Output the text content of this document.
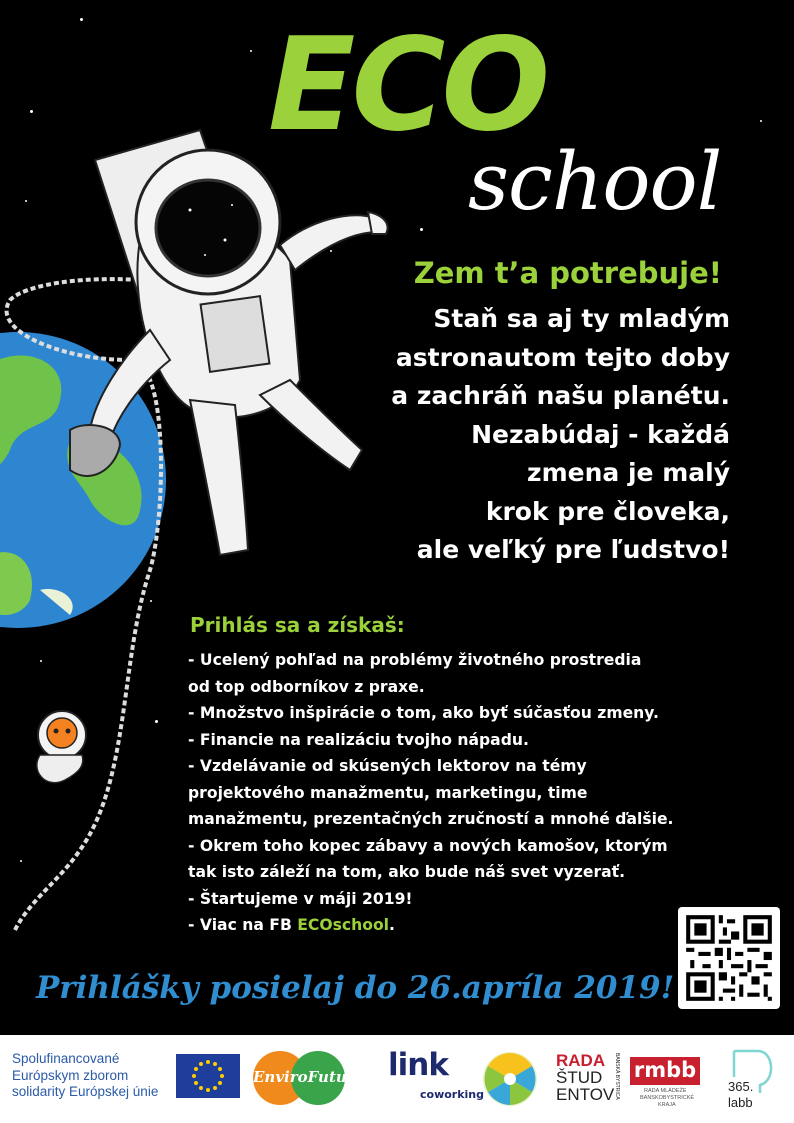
ECO
school
Zem t’a potrebuje!
Staň sa aj ty mladým
astronautom tejto doby
a zachráň našu planétu.
Nezabúdaj - každá
zmena je malý
krok pre človeka,
ale veľký pre ľudstvo!
Prihlás sa a získaš:
- Ucelený pohľad na problémy životného prostredia
od top odborníkov z praxe.
- Množstvo inšpirácie o tom, ako byť súčasťou zmeny.
- Financie na realizáciu tvojho nápadu.
- Vzdelávanie od skúsených lektorov na témy
projektového manažmentu, marketingu, time
manažmentu, prezentačných zručností a mnohé ďalšie.
- Okrem toho kopec zábavy a nových kamošov, ktorým
tak isto záleží na tom, ako bude náš svet vyzerať.
- Štartujeme v máji 2019!
- Viac na FB ECOschool.
Prihlášky posielaj do 26.apríla 2019!
Spolufinancované
Európskym zborom
solidarity Európskej únie
EnviroFuture link
coworking
RADA
ŠTUD
ENTOV BANSKÁ BYSTRICA rmbb
RADA MLÁDEŽE
BANSKOBYSTRICKÉ
KRAJA
365.
labb
